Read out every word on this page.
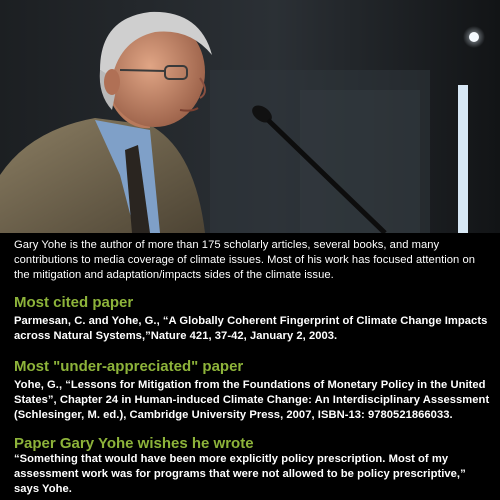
Gary Yohe is the author of more than 175 scholarly articles, several books, and many contributions to media coverage of climate issues. Most of his work has focused attention on the mitigation and adaptation/impacts sides of the climate issue.

Most cited paper

Parmesan, C. and Yohe, G., “A Globally Coherent Fingerprint of Climate Change Impacts across Natural Systems,”Nature 421, 37-42, January 2, 2003.

Most "under-appreciated" paper

Yohe, G., “Lessons for Mitigation from the Foundations of Monetary Policy in the United States”, Chapter 24 in Human-induced Climate Change: An Interdisciplinary Assessment (Schlesinger, M. ed.), Cambridge University Press, 2007, ISBN-13: 9780521866033.

Paper Gary Yohe wishes he wrote

“Something that would have been more explicitly policy prescription. Most of my assessment work was for programs that were not allowed to be policy prescriptive,” says Yohe.
